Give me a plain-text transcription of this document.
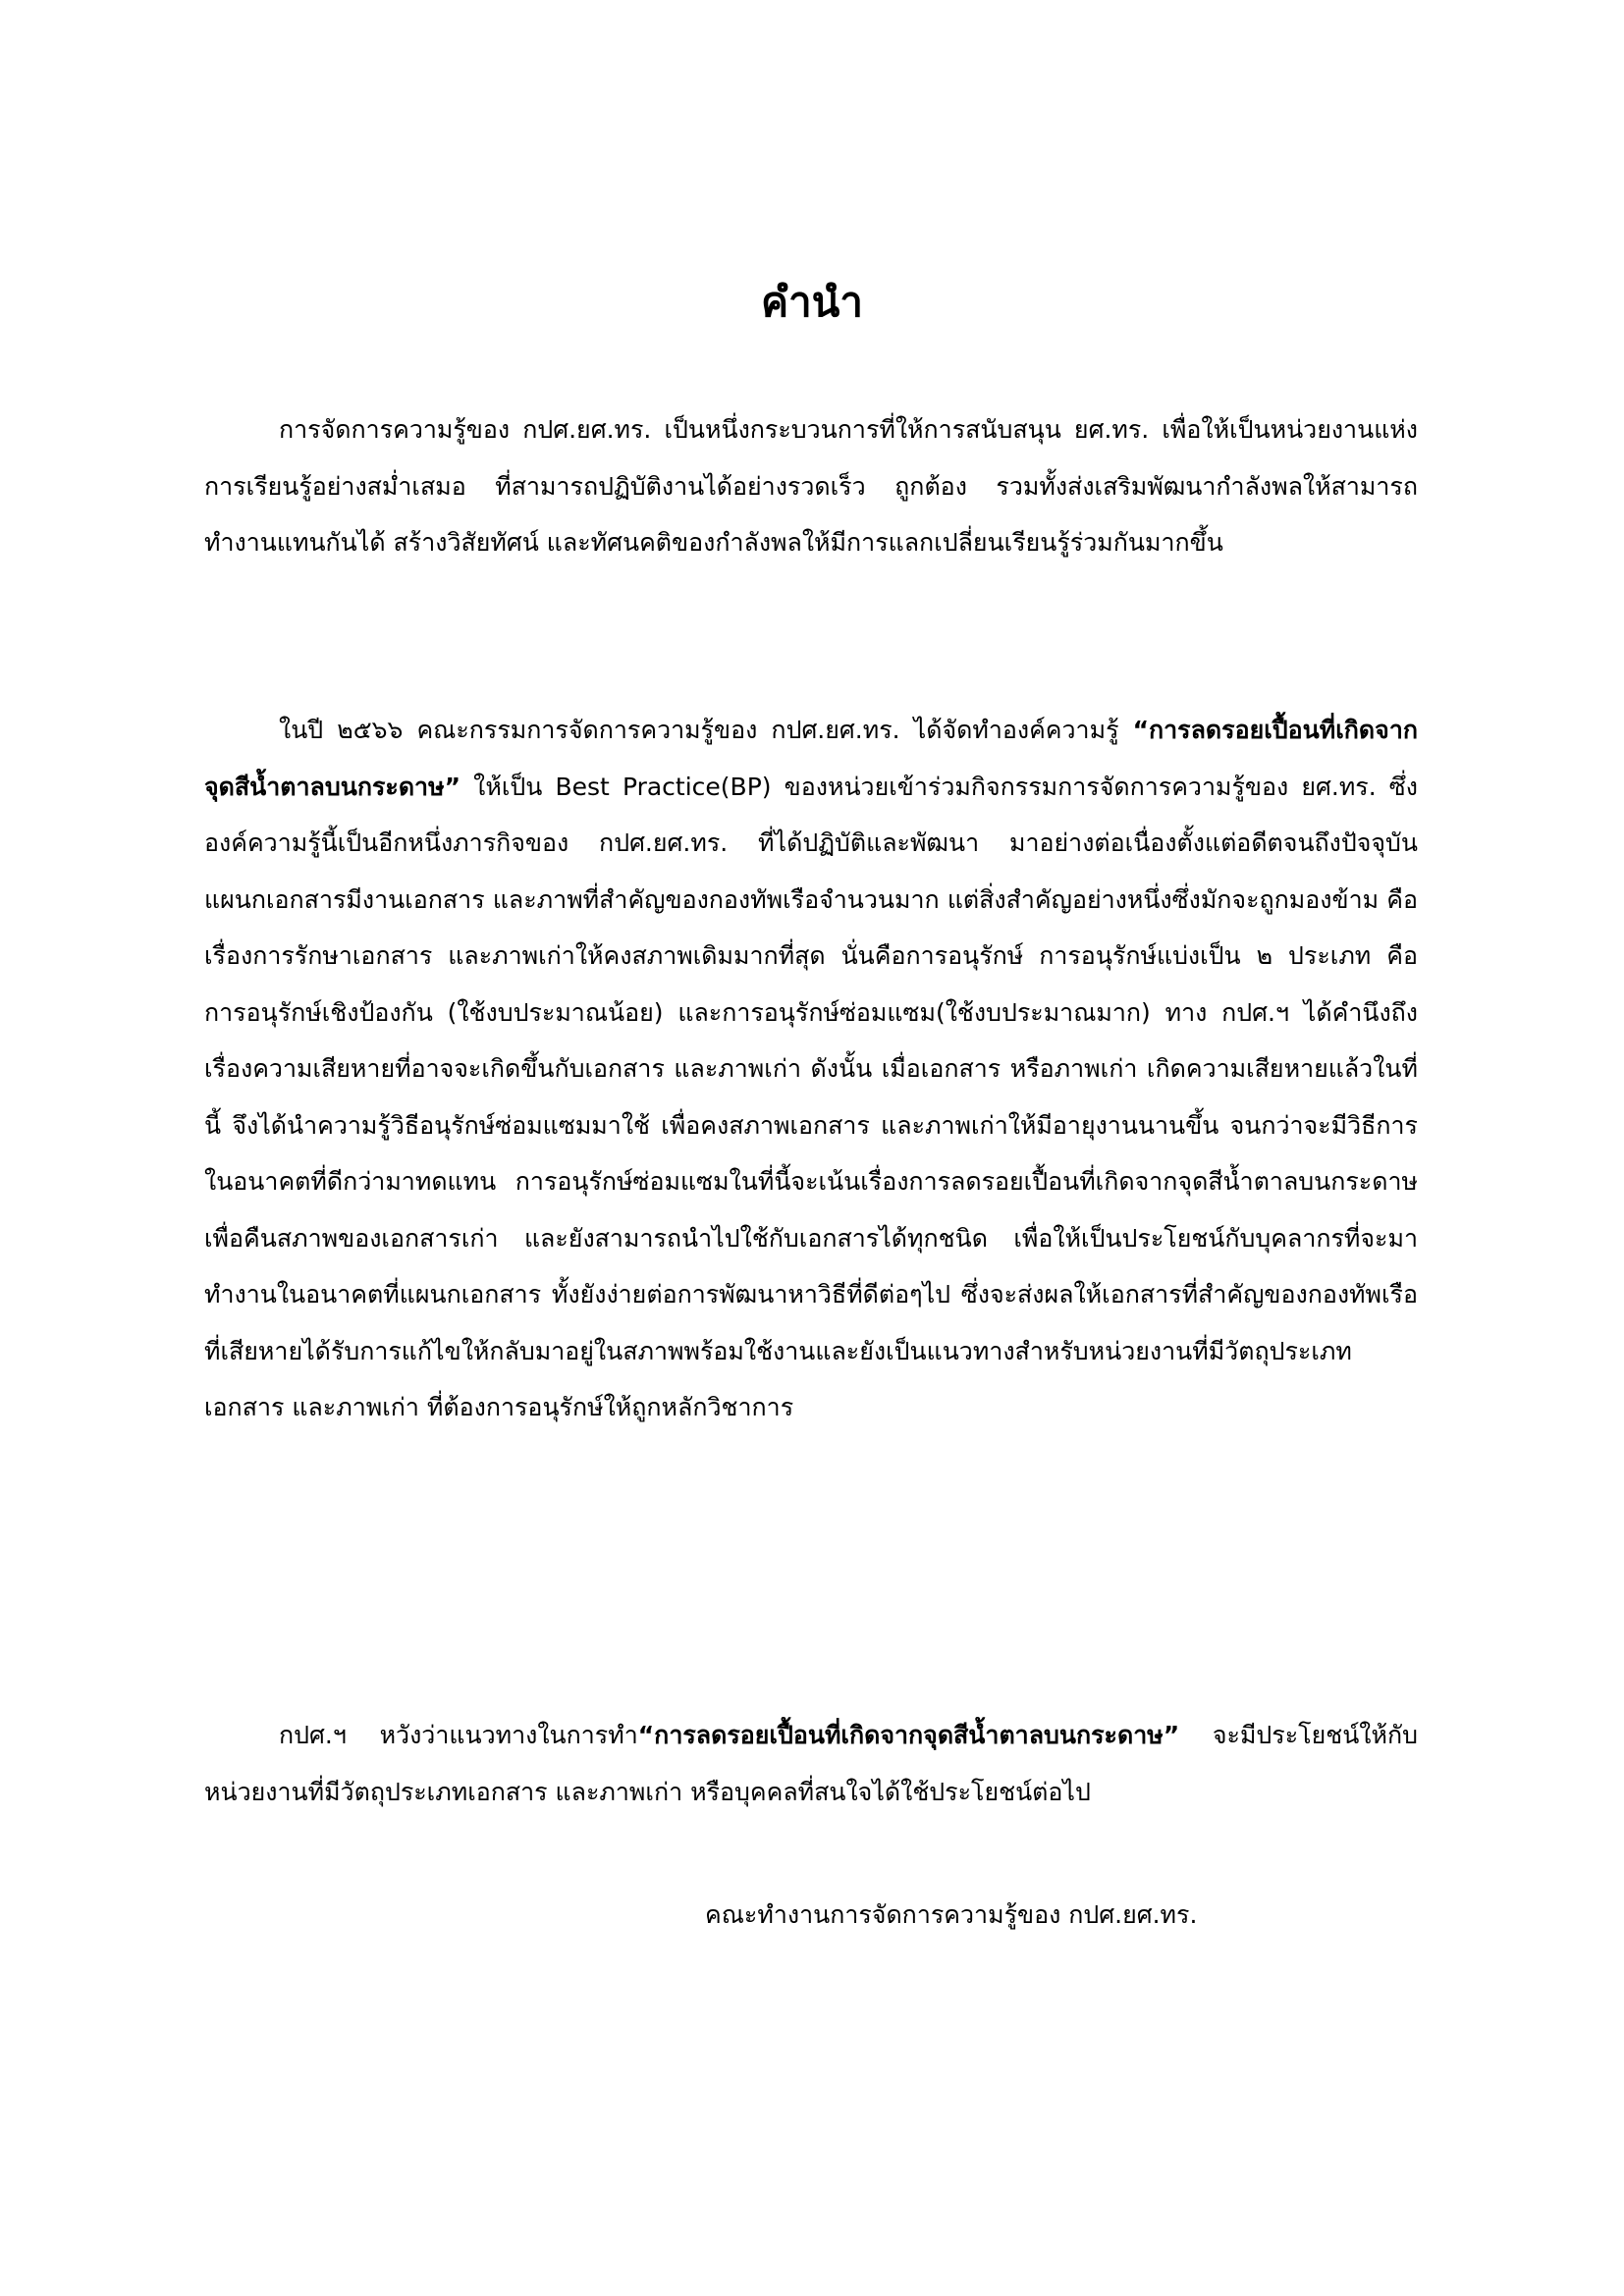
คำนำ

การจัดการความรู้ของ กปศ.ยศ.ทร. เป็นหนึ่งกระบวนการที่ให้การสนับสนุน ยศ.ทร. เพื่อให้เป็นหน่วยงานแห่งการเรียนรู้อย่างสม่ำเสมอ ที่สามารถปฏิบัติงานได้อย่างรวดเร็ว ถูกต้อง รวมทั้งส่งเสริมพัฒนากำลังพลให้สามารถทำงานแทนกันได้ สร้างวิสัยทัศน์ และทัศนคติของกำลังพลให้มีการแลกเปลี่ยนเรียนรู้ร่วมกันมากขึ้น

ในปี ๒๕๖๖ คณะกรรมการจัดการความรู้ของ กปศ.ยศ.ทร. ได้จัดทำองค์ความรู้ “การลดรอยเปื้อนที่เกิดจากจุดสีน้ำตาลบนกระดาษ” ให้เป็น Best Practice(BP) ของหน่วยเข้าร่วมกิจกรรมการจัดการความรู้ของ ยศ.ทร. ซึ่งองค์ความรู้นี้เป็นอีกหนึ่งภารกิจของ กปศ.ยศ.ทร. ที่ได้ปฏิบัติและพัฒนา มาอย่างต่อเนื่องตั้งแต่อดีตจนถึงปัจจุบัน แผนกเอกสารมีงานเอกสาร และภาพที่สำคัญของกองทัพเรือจำนวนมาก แต่สิ่งสำคัญอย่างหนึ่งซึ่งมักจะถูกมองข้าม คือ เรื่องการรักษาเอกสาร และภาพเก่าให้คงสภาพเดิมมากที่สุด นั่นคือการอนุรักษ์ การอนุรักษ์แบ่งเป็น ๒ ประเภท คือ การอนุรักษ์เชิงป้องกัน (ใช้งบประมาณน้อย) และการอนุรักษ์ซ่อมแซม(ใช้งบประมาณมาก) ทาง กปศ.ฯ ได้คำนึงถึงเรื่องความเสียหายที่อาจจะเกิดขึ้นกับเอกสาร และภาพเก่า ดังนั้น เมื่อเอกสาร หรือภาพเก่า เกิดความเสียหายแล้วในที่นี้ จึงได้นำความรู้วิธีอนุรักษ์ซ่อมแซมมาใช้ เพื่อคงสภาพเอกสาร และภาพเก่าให้มีอายุงานนานขึ้น จนกว่าจะมีวิธีการในอนาคตที่ดีกว่ามาทดแทน การอนุรักษ์ซ่อมแซมในที่นี้จะเน้นเรื่องการลดรอยเปื้อนที่เกิดจากจุดสีน้ำตาลบนกระดาษ เพื่อคืนสภาพของเอกสารเก่า และยังสามารถนำไปใช้กับเอกสารได้ทุกชนิด เพื่อให้เป็นประโยชน์กับบุคลากรที่จะมาทำงานในอนาคตที่แผนกเอกสาร ทั้งยังง่ายต่อการพัฒนาหาวิธีที่ดีต่อๆไป ซึ่งจะส่งผลให้เอกสารที่สำคัญของกองทัพเรือที่เสียหายได้รับการแก้ไขให้กลับมาอยู่ในสภาพพร้อมใช้งานและยังเป็นแนวทางสำหรับหน่วยงานที่มีวัตถุประเภทเอกสาร และภาพเก่า ที่ต้องการอนุรักษ์ให้ถูกหลักวิชาการ

กปศ.ฯ หวังว่าแนวทางในการทำ“การลดรอยเปื้อนที่เกิดจากจุดสีน้ำตาลบนกระดาษ” จะมีประโยชน์ให้กับหน่วยงานที่มีวัตถุประเภทเอกสาร และภาพเก่า หรือบุคคลที่สนใจได้ใช้ประโยชน์ต่อไป

คณะทำงานการจัดการความรู้ของ กปศ.ยศ.ทร.
